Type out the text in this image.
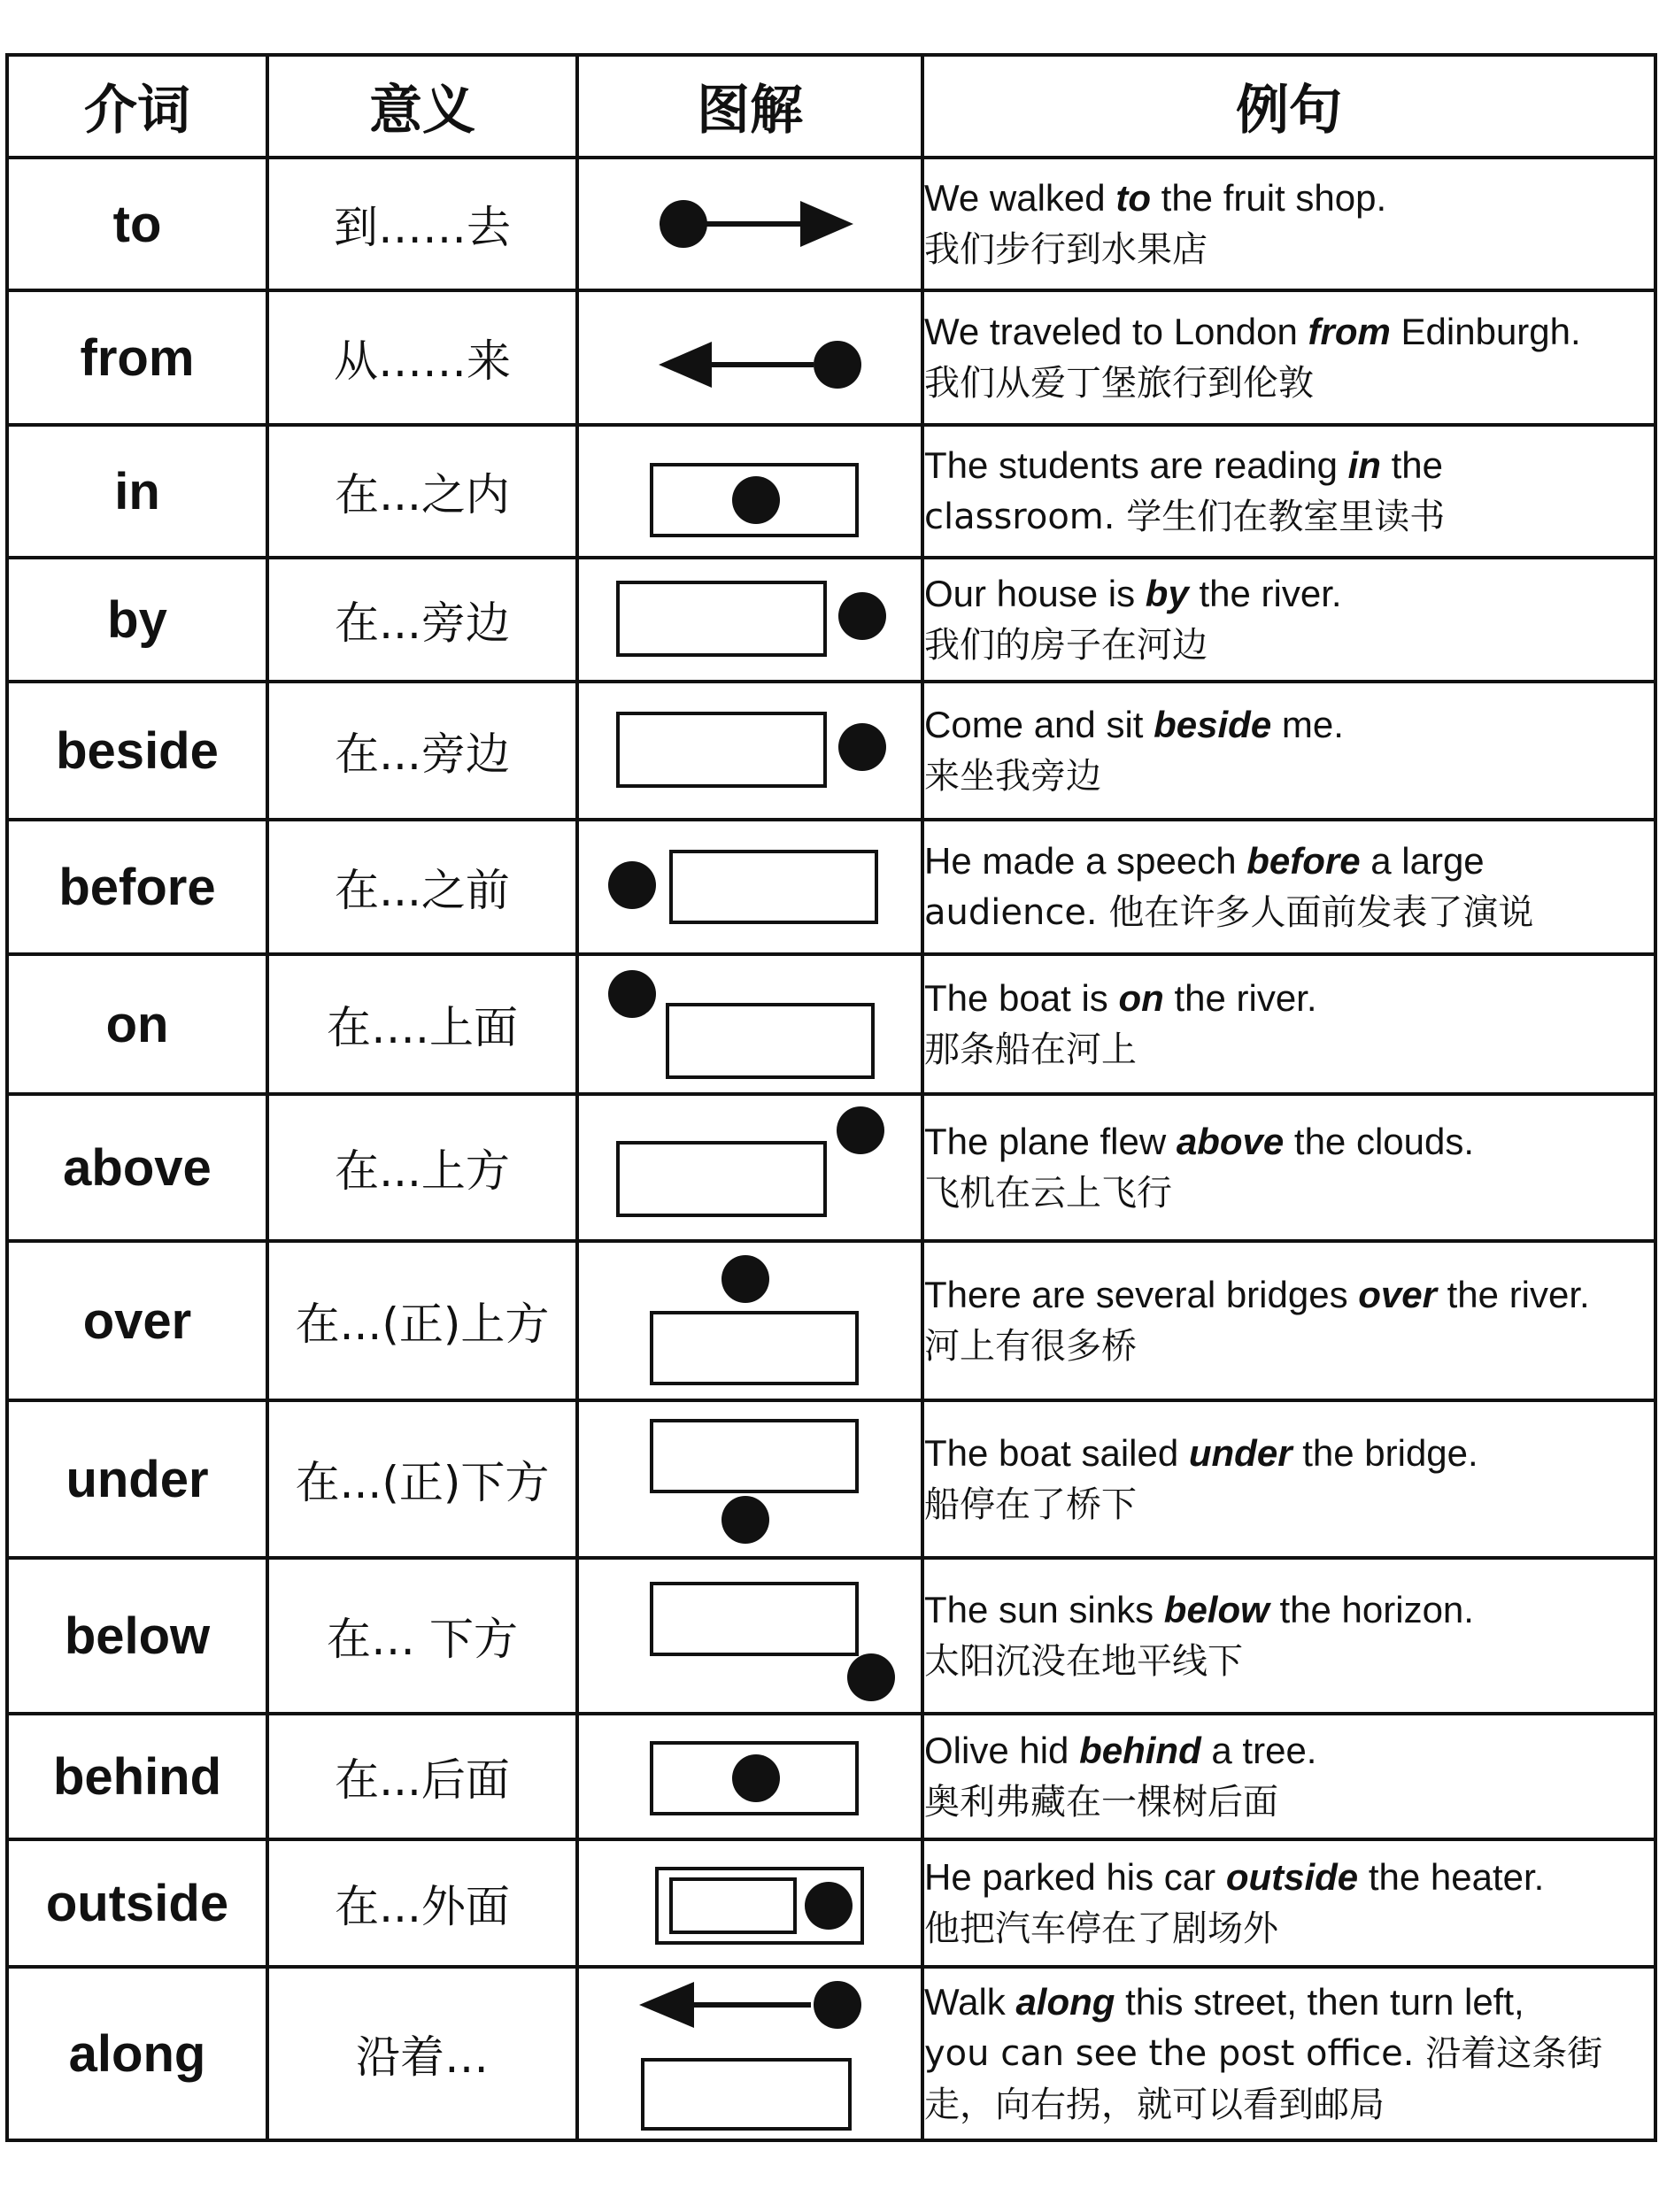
介词	意义	图解	例句
to	到……去		We walked to the fruit shop.
我们步行到水果店

from	从……来		We traveled to London from Edinburgh.
我们从爱丁堡旅行到伦敦

in	在...之内		The students are reading in the
classroom. 学生们在教室里读书

by	在...旁边		Our house is by the river.
我们的房子在河边

beside	在...旁边		Come and sit beside me.
来坐我旁边

before	在...之前		He made a speech before a large
audience. 他在许多人面前发表了演说

on	在….上面		The boat is on the river.
那条船在河上

above	在...上方		The plane flew above the clouds.
飞机在云上飞行

over	在...(正)上方		There are several bridges over the river.
河上有很多桥

under	在...(正)下方		The boat sailed under the bridge.
船停在了桥下

below	在… 下方		The sun sinks below the horizon.
太阳沉没在地平线下

behind	在...后面		Olive hid behind a tree.
奥利弗藏在一棵树后面

outside	在...外面		He parked his car outside the heater.
他把汽车停在了剧场外

along	沿着…		Walk along this street, then turn left,
you can see the post office. 沿着这条街
走，向右拐，就可以看到邮局
